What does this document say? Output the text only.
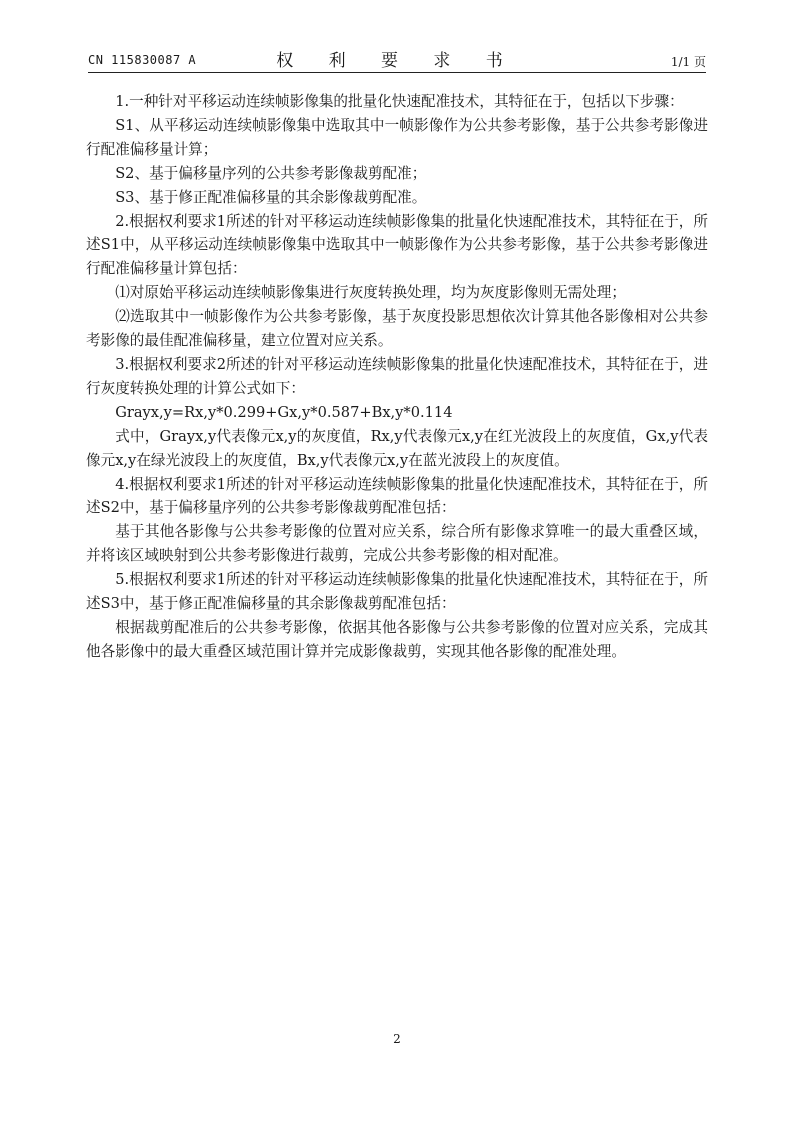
CN 115830087 A	权 利 要 求 书	1/1 页

1.一种针对平移运动连续帧影像集的批量化快速配准技术，其特征在于，包括以下步骤：

S1、从平移运动连续帧影像集中选取其中一帧影像作为公共参考影像，基于公共参考影像进行配准偏移量计算；

S2、基于偏移量序列的公共参考影像裁剪配准；

S3、基于修正配准偏移量的其余影像裁剪配准。

2.根据权利要求1所述的针对平移运动连续帧影像集的批量化快速配准技术，其特征在于，所述S1中，从平移运动连续帧影像集中选取其中一帧影像作为公共参考影像，基于公共参考影像进行配准偏移量计算包括：

⑴对原始平移运动连续帧影像集进行灰度转换处理，均为灰度影像则无需处理；

⑵选取其中一帧影像作为公共参考影像，基于灰度投影思想依次计算其他各影像相对公共参考影像的最佳配准偏移量，建立位置对应关系。

3.根据权利要求2所述的针对平移运动连续帧影像集的批量化快速配准技术，其特征在于，进行灰度转换处理的计算公式如下：

Grayx,y=Rx,y*0.299+Gx,y*0.587+Bx,y*0.114

式中，Grayx,y代表像元x,y的灰度值，Rx,y代表像元x,y在红光波段上的灰度值，Gx,y代表像元x,y在绿光波段上的灰度值，Bx,y代表像元x,y在蓝光波段上的灰度值。

4.根据权利要求1所述的针对平移运动连续帧影像集的批量化快速配准技术，其特征在于，所述S2中，基于偏移量序列的公共参考影像裁剪配准包括：

基于其他各影像与公共参考影像的位置对应关系，综合所有影像求算唯一的最大重叠区域，并将该区域映射到公共参考影像进行裁剪，完成公共参考影像的相对配准。

5.根据权利要求1所述的针对平移运动连续帧影像集的批量化快速配准技术，其特征在于，所述S3中，基于修正配准偏移量的其余影像裁剪配准包括：

根据裁剪配准后的公共参考影像，依据其他各影像与公共参考影像的位置对应关系，完成其他各影像中的最大重叠区域范围计算并完成影像裁剪，实现其他各影像的配准处理。

2
